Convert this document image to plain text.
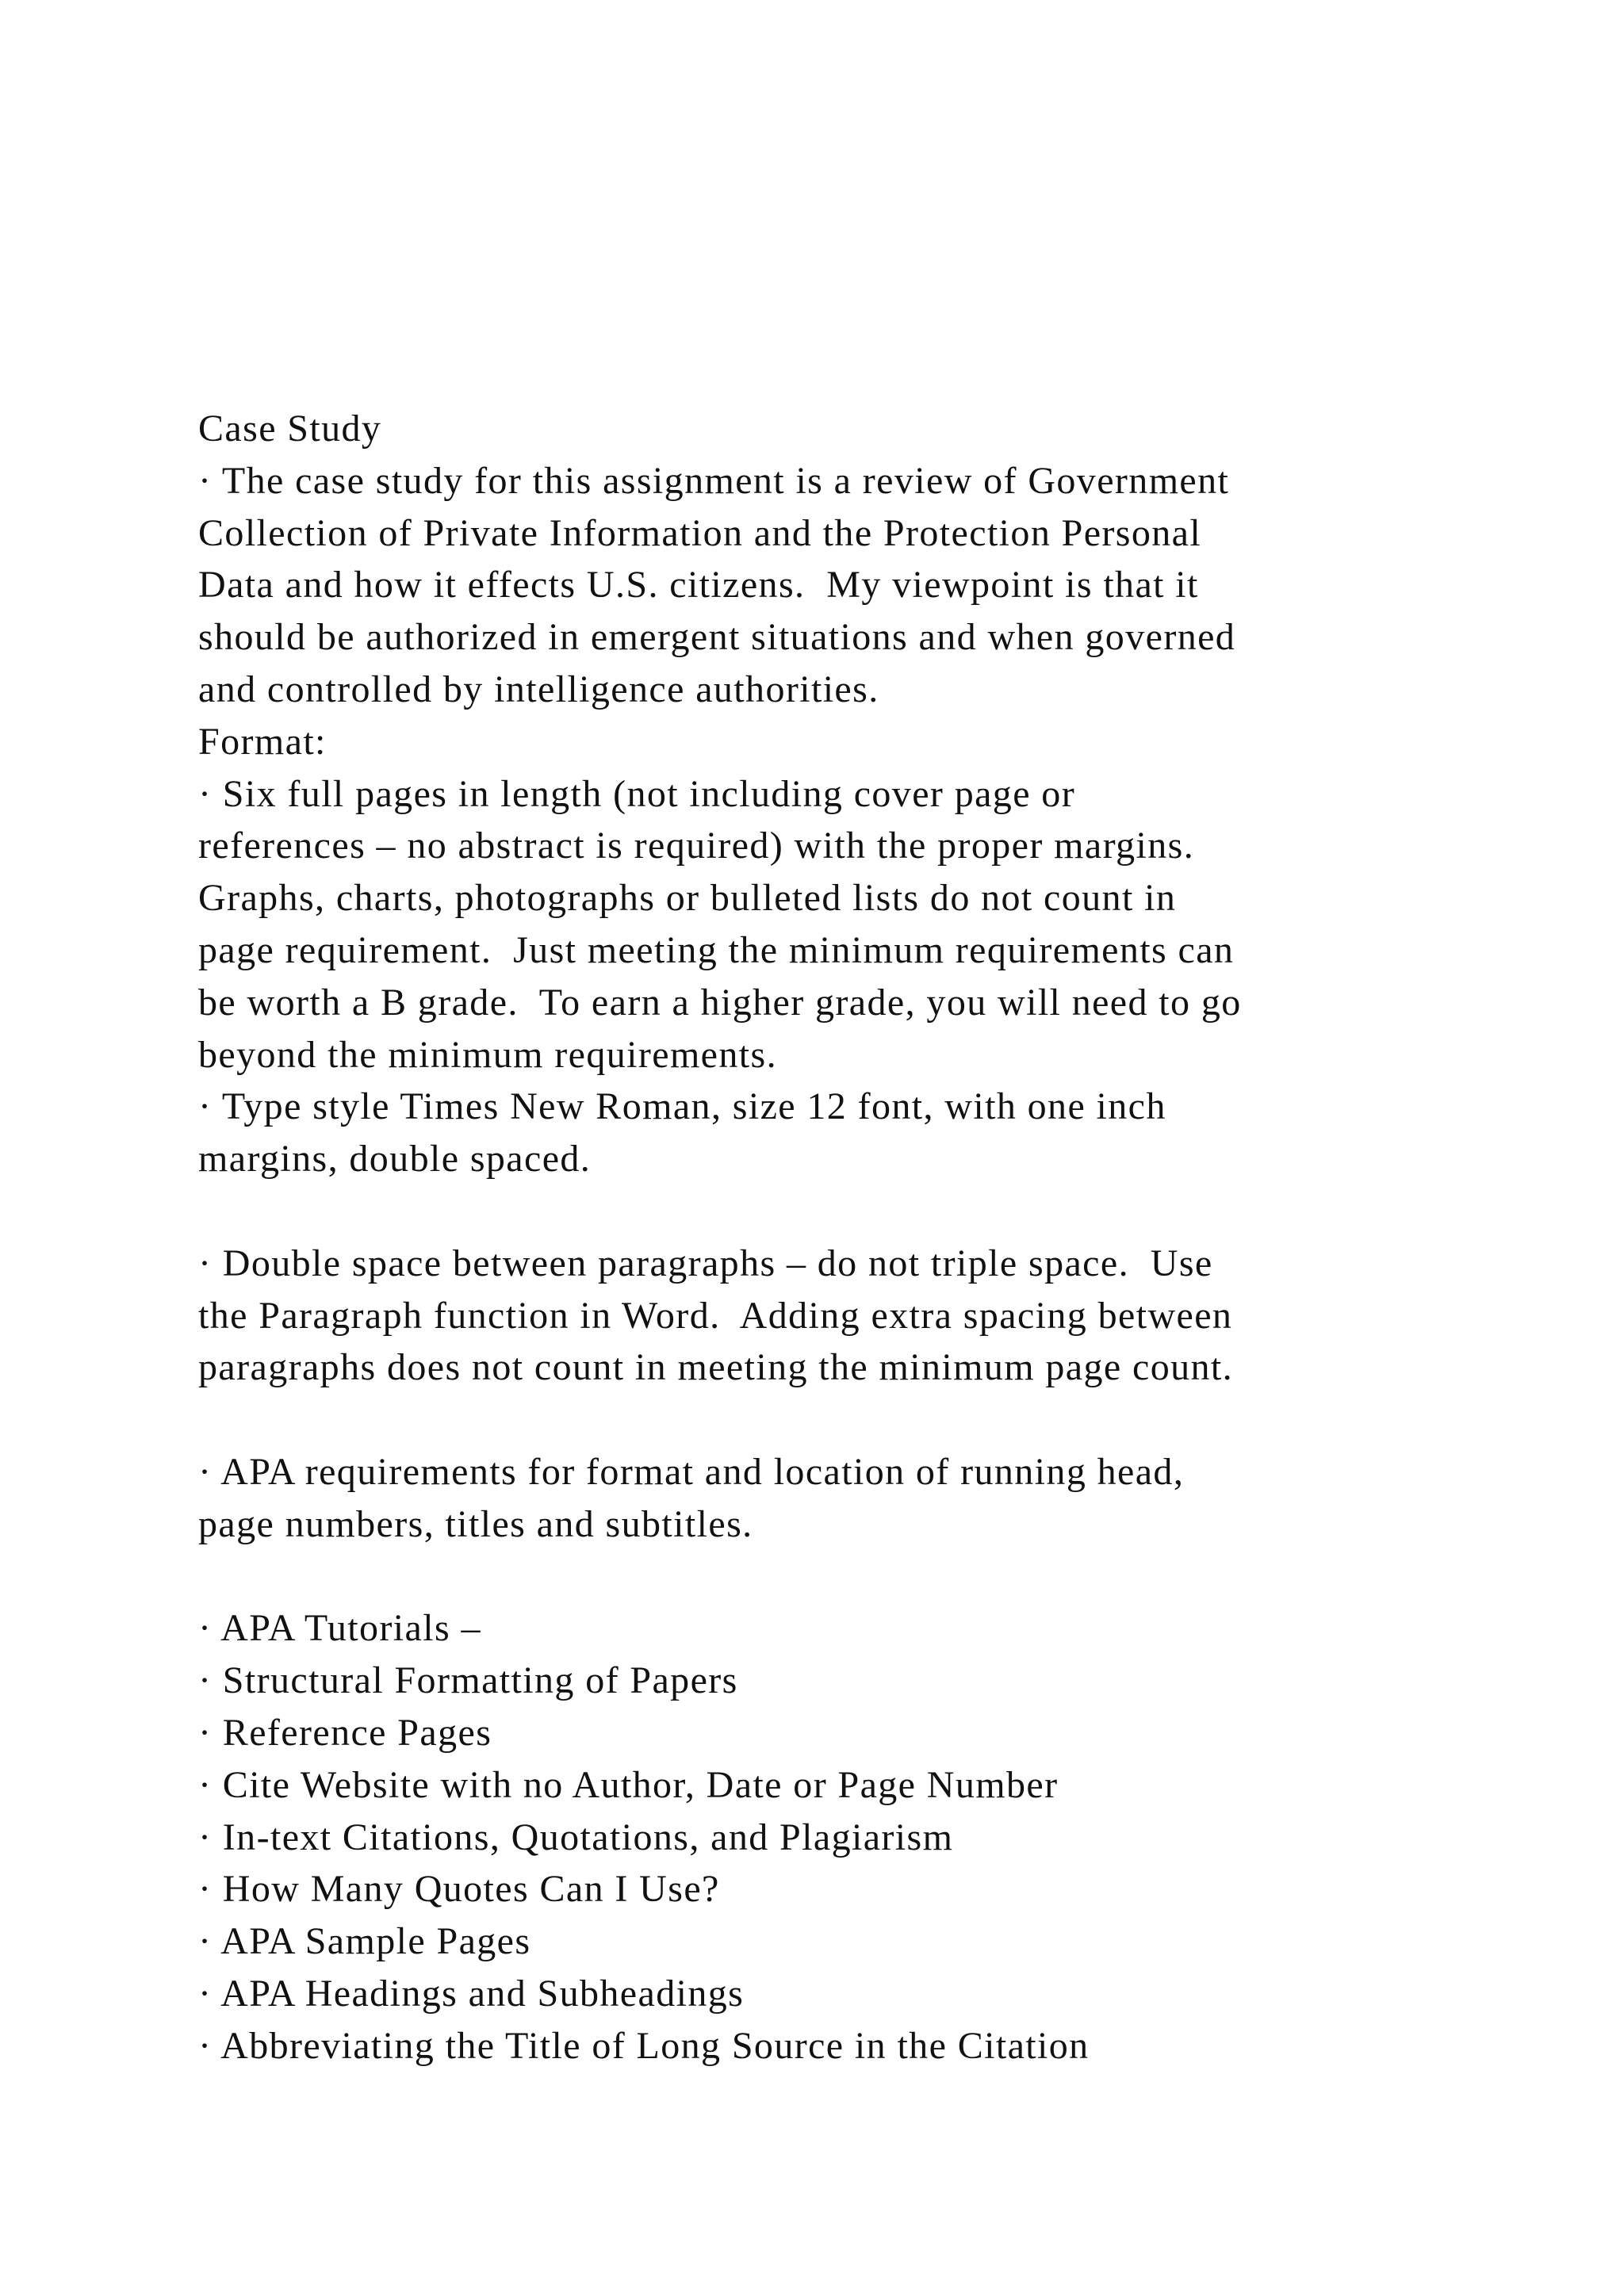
Case Study
· The case study for this assignment is a review of Government
Collection of Private Information and the Protection Personal
Data and how it effects U.S. citizens.  My viewpoint is that it
should be authorized in emergent situations and when governed
and controlled by intelligence authorities.
Format:
· Six full pages in length (not including cover page or
references – no abstract is required) with the proper margins.
Graphs, charts, photographs or bulleted lists do not count in
page requirement.  Just meeting the minimum requirements can
be worth a B grade.  To earn a higher grade, you will need to go
beyond the minimum requirements.
· Type style Times New Roman, size 12 font, with one inch
margins, double spaced.
· Double space between paragraphs – do not triple space.  Use
the Paragraph function in Word.  Adding extra spacing between
paragraphs does not count in meeting the minimum page count.
· APA requirements for format and location of running head,
page numbers, titles and subtitles.
· APA Tutorials –
· Structural Formatting of Papers
· Reference Pages
· Cite Website with no Author, Date or Page Number
· In-text Citations, Quotations, and Plagiarism
· How Many Quotes Can I Use?
· APA Sample Pages
· APA Headings and Subheadings
· Abbreviating the Title of Long Source in the Citation
